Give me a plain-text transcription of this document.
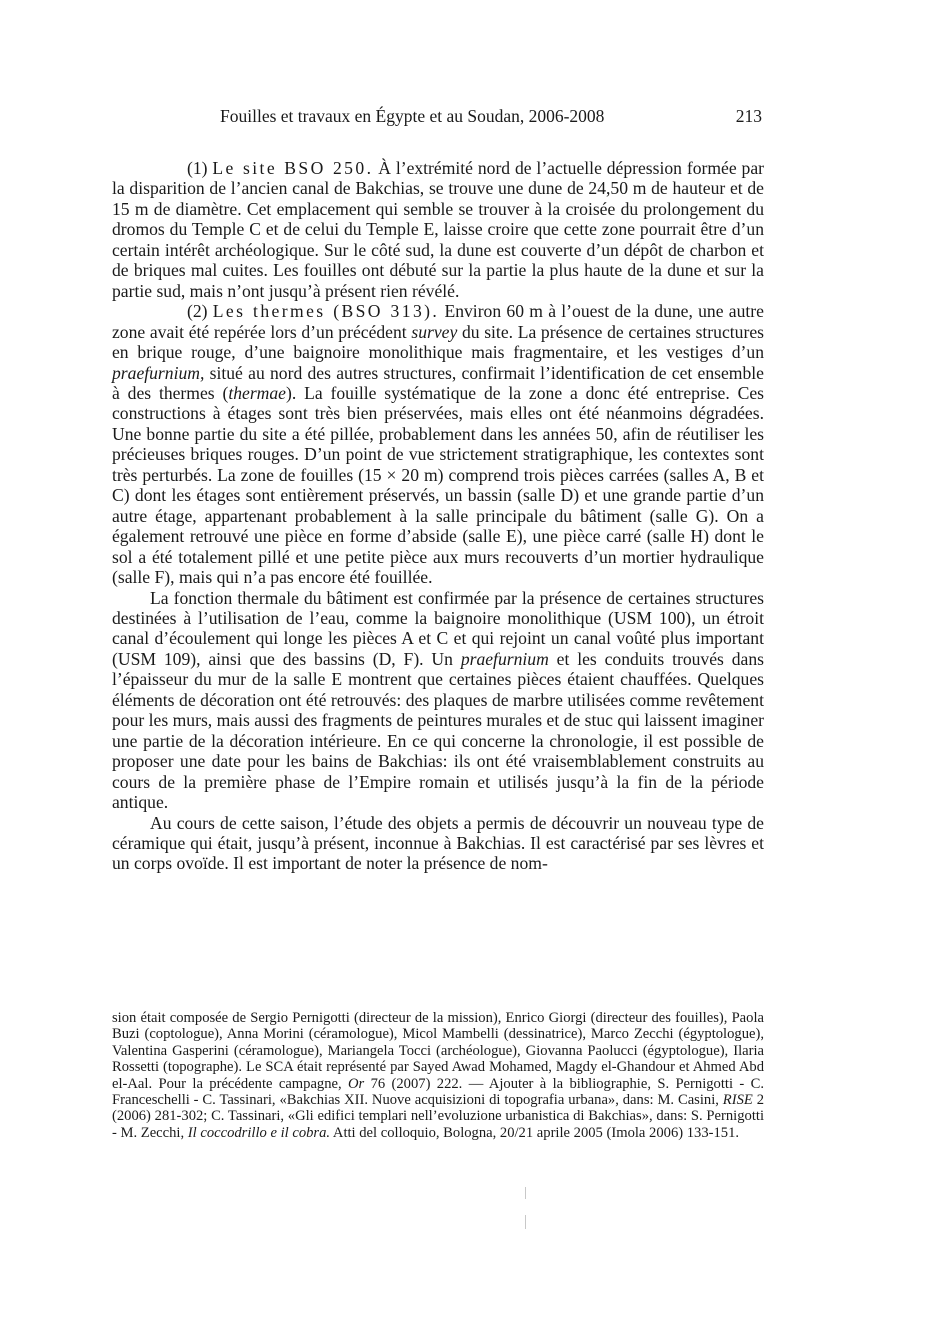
Fouilles et travaux en Égypte et au Soudan, 2006-2008	213

(1) Le site BSO 250. À l’extrémité nord de l’actuelle dépression formée par la disparition de l’ancien canal de Bakchias, se trouve une dune de 24,50 m de hauteur et de 15 m de diamètre. Cet emplacement qui semble se trouver à la croisée du prolongement du dromos du Temple C et de celui du Temple E, laisse croire que cette zone pourrait être d’un certain intérêt archéologique. Sur le côté sud, la dune est couverte d’un dépôt de charbon et de briques mal cuites. Les fouilles ont débuté sur la partie la plus haute de la dune et sur la partie sud, mais n’ont jusqu’à présent rien révélé.

(2) Les thermes (BSO 313). Environ 60 m à l’ouest de la dune, une autre zone avait été repérée lors d’un précédent survey du site. La présence de certaines structures en brique rouge, d’une baignoire monolithique mais fragmentaire, et les vestiges d’un praefurnium, situé au nord des autres structures, confirmait l’identification de cet ensemble à des thermes (thermae). La fouille systématique de la zone a donc été entreprise. Ces constructions à étages sont très bien préservées, mais elles ont été néanmoins dégradées. Une bonne partie du site a été pillée, probablement dans les années 50, afin de réutiliser les précieuses briques rouges. D’un point de vue strictement stratigraphique, les contextes sont très perturbés. La zone de fouilles (15 × 20 m) comprend trois pièces carrées (salles A, B et C) dont les étages sont entièrement préservés, un bassin (salle D) et une grande partie d’un autre étage, appartenant probablement à la salle principale du bâtiment (salle G). On a également retrouvé une pièce en forme d’abside (salle E), une pièce carré (salle H) dont le sol a été totalement pillé et une petite pièce aux murs recouverts d’un mortier hydraulique (salle F), mais qui n’a pas encore été fouillée.

La fonction thermale du bâtiment est confirmée par la présence de certaines structures destinées à l’utilisation de l’eau, comme la baignoire monolithique (USM 100), un étroit canal d’écoulement qui longe les pièces A et C et qui rejoint un canal voûté plus important (USM 109), ainsi que des bassins (D, F). Un praefurnium et les conduits trouvés dans l’épaisseur du mur de la salle E montrent que certaines pièces étaient chauffées. Quelques éléments de décoration ont été retrouvés: des plaques de marbre utilisées comme revêtement pour les murs, mais aussi des fragments de peintures murales et de stuc qui laissent imaginer une partie de la décoration intérieure. En ce qui concerne la chronologie, il est possible de proposer une date pour les bains de Bakchias: ils ont été vraisemblablement construits au cours de la première phase de l’Empire romain et utilisés jusqu’à la fin de la période antique.

Au cours de cette saison, l’étude des objets a permis de découvrir un nouveau type de céramique qui était, jusqu’à présent, inconnue à Bakchias. Il est caractérisé par ses lèvres et un corps ovoïde. Il est important de noter la présence de nom-

sion était composée de Sergio Pernigotti (directeur de la mission), Enrico Giorgi (directeur des fouilles), Paola Buzi (coptologue), Anna Morini (céramologue), Micol Mambelli (dessinatrice), Marco Zecchi (égyptologue), Valentina Gasperini (céramologue), Mariangela Tocci (archéologue), Giovanna Paolucci (égyptologue), Ilaria Rossetti (topographe). Le SCA était représenté par Sayed Awad Mohamed, Magdy el-Ghandour et Ahmed Abd el-Aal. Pour la précédente campagne, Or 76 (2007) 222. — Ajouter à la bibliographie, S. Pernigotti - C. Franceschelli - C. Tassinari, «Bakchias XII. Nuove acquisizioni di topografia urbana», dans: M. Casini, RISE 2 (2006) 281-302; C. Tassinari, «Gli edifici templari nell’evoluzione urbanistica di Bakchias», dans: S. Pernigotti - M. Zecchi, Il coccodrillo e il cobra. Atti del colloquio, Bologna, 20/21 aprile 2005 (Imola 2006) 133-151.
